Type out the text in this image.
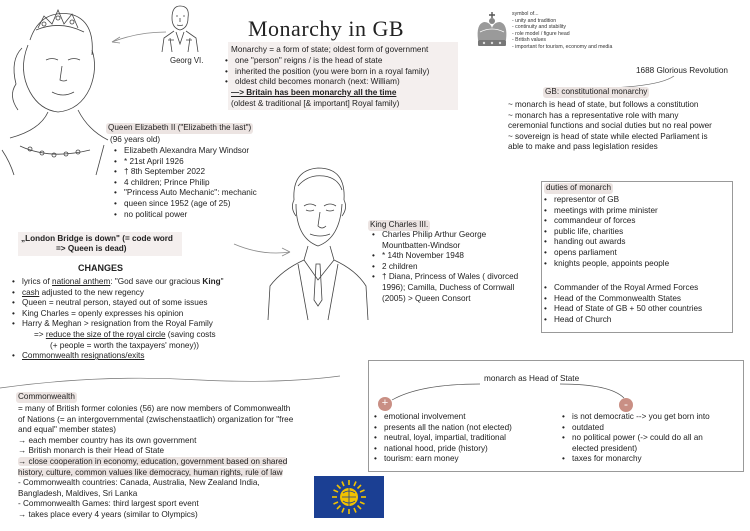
Georg VI.
Monarchy in GB
Monarchy = a form of state; oldest form of government
• one "person" reigns / is the head of state
• inherited the position (you were born in a royal family)
• oldest child becomes monarch (next: William)
—> Britain has been monarchy all the time
(oldest & traditional [& important] Royal family)
symbol of...
- unity and tradition
- continuity and stability
- role model / figure head
- British values
- important for tourism, economy and media
1688 Glorious Revolution
GB: constitutional monarchy
~ monarch is head of state, but follows a constitution
~ monarch has a representative role with many
ceremonial functions and social duties but no real power
~ sovereign is head of state while elected Parliament is
able to make and pass legislation resides
Queen Elizabeth II ("Elizabeth the last")
(96 years old)
• Elizabeth Alexandra Mary Windsor
• * 21st April 1926
• † 8th September 2022
• 4 children; Prince Philip
• "Princess Auto Mechanic": mechanic
• queen since 1952 (age of 25)
• no political power
King Charles III.
• Charles Philip Arthur George
Mountbatten-Windsor
• * 14th November 1948
• 2 children
• † Diana, Princess of Wales ( divorced
1996); Camilla, Duchess of Cornwall
(2005) > Queen Consort
duties of monarch
• representor of GB
• meetings with prime minister
• commandeur of forces
• public life, charities
• handing out awards
• opens parliament
• knights people, appoints people
• Commander of the Royal Armed Forces
• Head of the Commonwealth States
• Head of State of GB + 50 other countries
• Head of Church
„London Bridge is down" (= code word
=> Queen is dead)
CHANGES
• lyrics of national anthem: "God save our gracious King"
• cash adjusted to the new regency
• Queen = neutral person, stayed out of some issues
• King Charles = openly expresses his opinion
• Harry & Meghan > resignation from the Royal Family
=> reduce the size of the royal circle (saving costs
(+ people = worth the taxpayers' money))
• Commonwealth resignations/exits
Commonwealth
= many of British former colonies (56) are now members of Commonwealth
of Nations (= an intergovernmental (zwischenstaatlich) organization for "free
and equal" member states)
→ each member country has its own government
→ British monarch is their Head of State
→ close cooperation in economy, education, government based on shared
history, culture, common values like democracy, human rights, rule of law
- Commonwealth countries: Canada, Australia, New Zealand India,
Bangladesh, Maldives, Sri Lanka
- Commonwealth Games: third largest sport event
→ takes place every 4 years (similar to Olympics)
monarch as Head of State
+	-
• emotional involvement
• presents all the nation (not elected)
• neutral, loyal, impartial, traditional
• national hood, pride (history)
• tourism: earn money
• is not democratic --> you get born into
• outdated
• no political power (-> could do all an
elected president)
• taxes for monarchy
